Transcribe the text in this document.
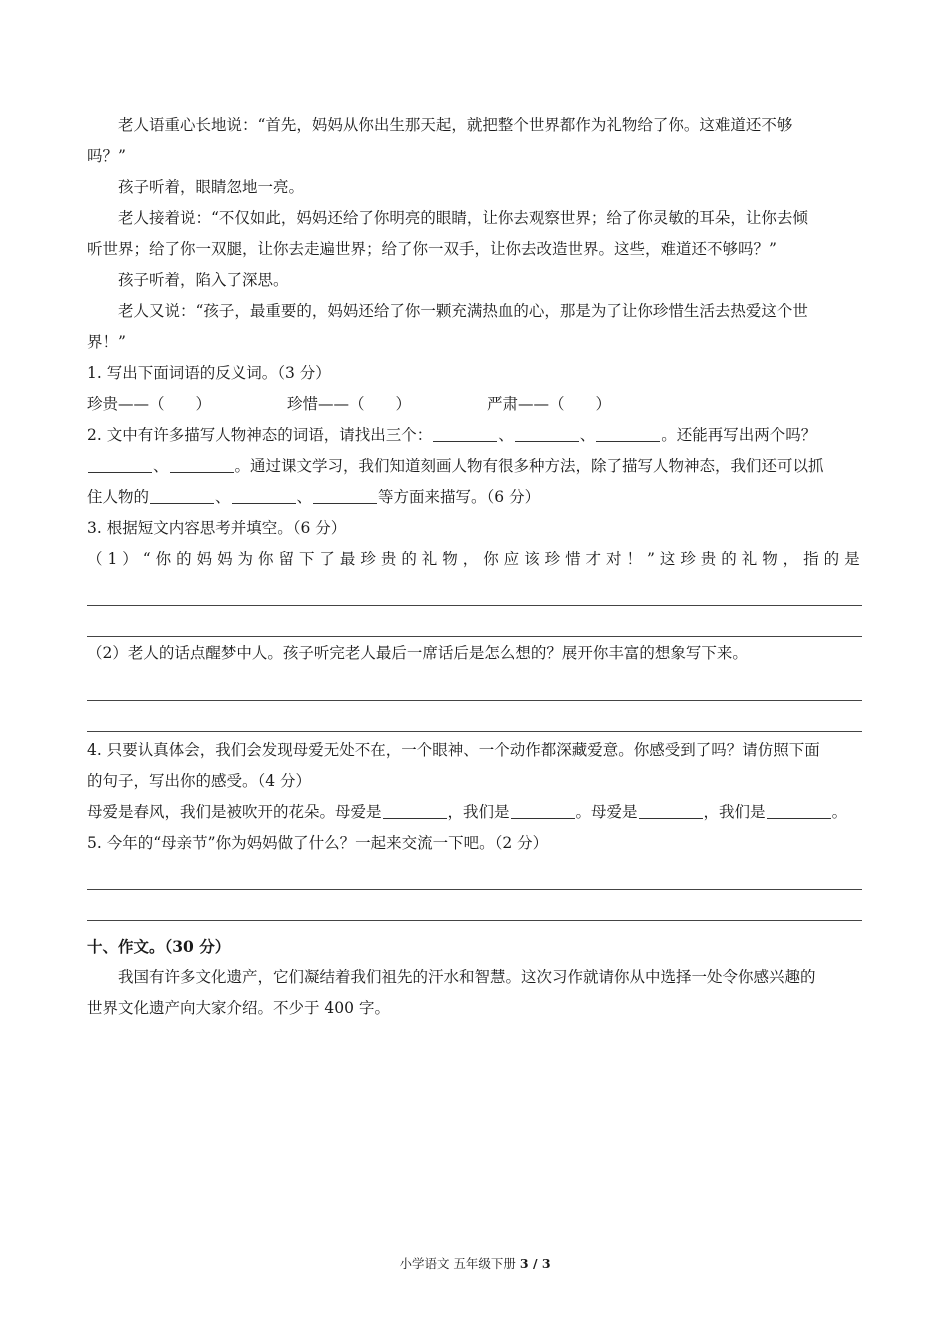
老人语重心长地说：“首先，妈妈从你出生那天起，就把整个世界都作为礼物给了你。这难道还不够

吗？”

孩子听着，眼睛忽地一亮。

老人接着说：“不仅如此，妈妈还给了你明亮的眼睛，让你去观察世界；给了你灵敏的耳朵，让你去倾

听世界；给了你一双腿，让你去走遍世界；给了你一双手，让你去改造世界。这些，难道还不够吗？”

孩子听着，陷入了深思。

老人又说：“孩子，最重要的，妈妈还给了你一颗充满热血的心，那是为了让你珍惜生活去热爱这个世

界！”

1. 写出下面词语的反义词。（3 分）

珍贵——（　　）	珍惜——（　　）	严肃——（　　）

2. 文中有许多描写人物神态的词语，请找出三个：	、	、	。还能再写出两个吗？

、	。通过课文学习，我们知道刻画人物有很多种方法，除了描写人物神态，我们还可以抓

住人物的	、	、	等方面来描写。（6 分）

3. 根据短文内容思考并填空。（6 分）

（1）“你的妈妈为你留下了最珍贵的礼物，你应该珍惜才对！”这珍贵的礼物，指的是

（2）老人的话点醒梦中人。孩子听完老人最后一席话后是怎么想的？展开你丰富的想象写下来。

4. 只要认真体会，我们会发现母爱无处不在，一个眼神、一个动作都深藏爱意。你感受到了吗？请仿照下面

的句子，写出你的感受。（4 分）

母爱是春风，我们是被吹开的花朵。母爱是	，我们是	。母爱是	，我们是	。

5. 今年的“母亲节”你为妈妈做了什么？一起来交流一下吧。（2 分）

十、作文。（30 分）

我国有许多文化遗产，它们凝结着我们祖先的汗水和智慧。这次习作就请你从中选择一处令你感兴趣的

世界文化遗产向大家介绍。不少于 400 字。

小学语文 五年级下册 3 / 3
